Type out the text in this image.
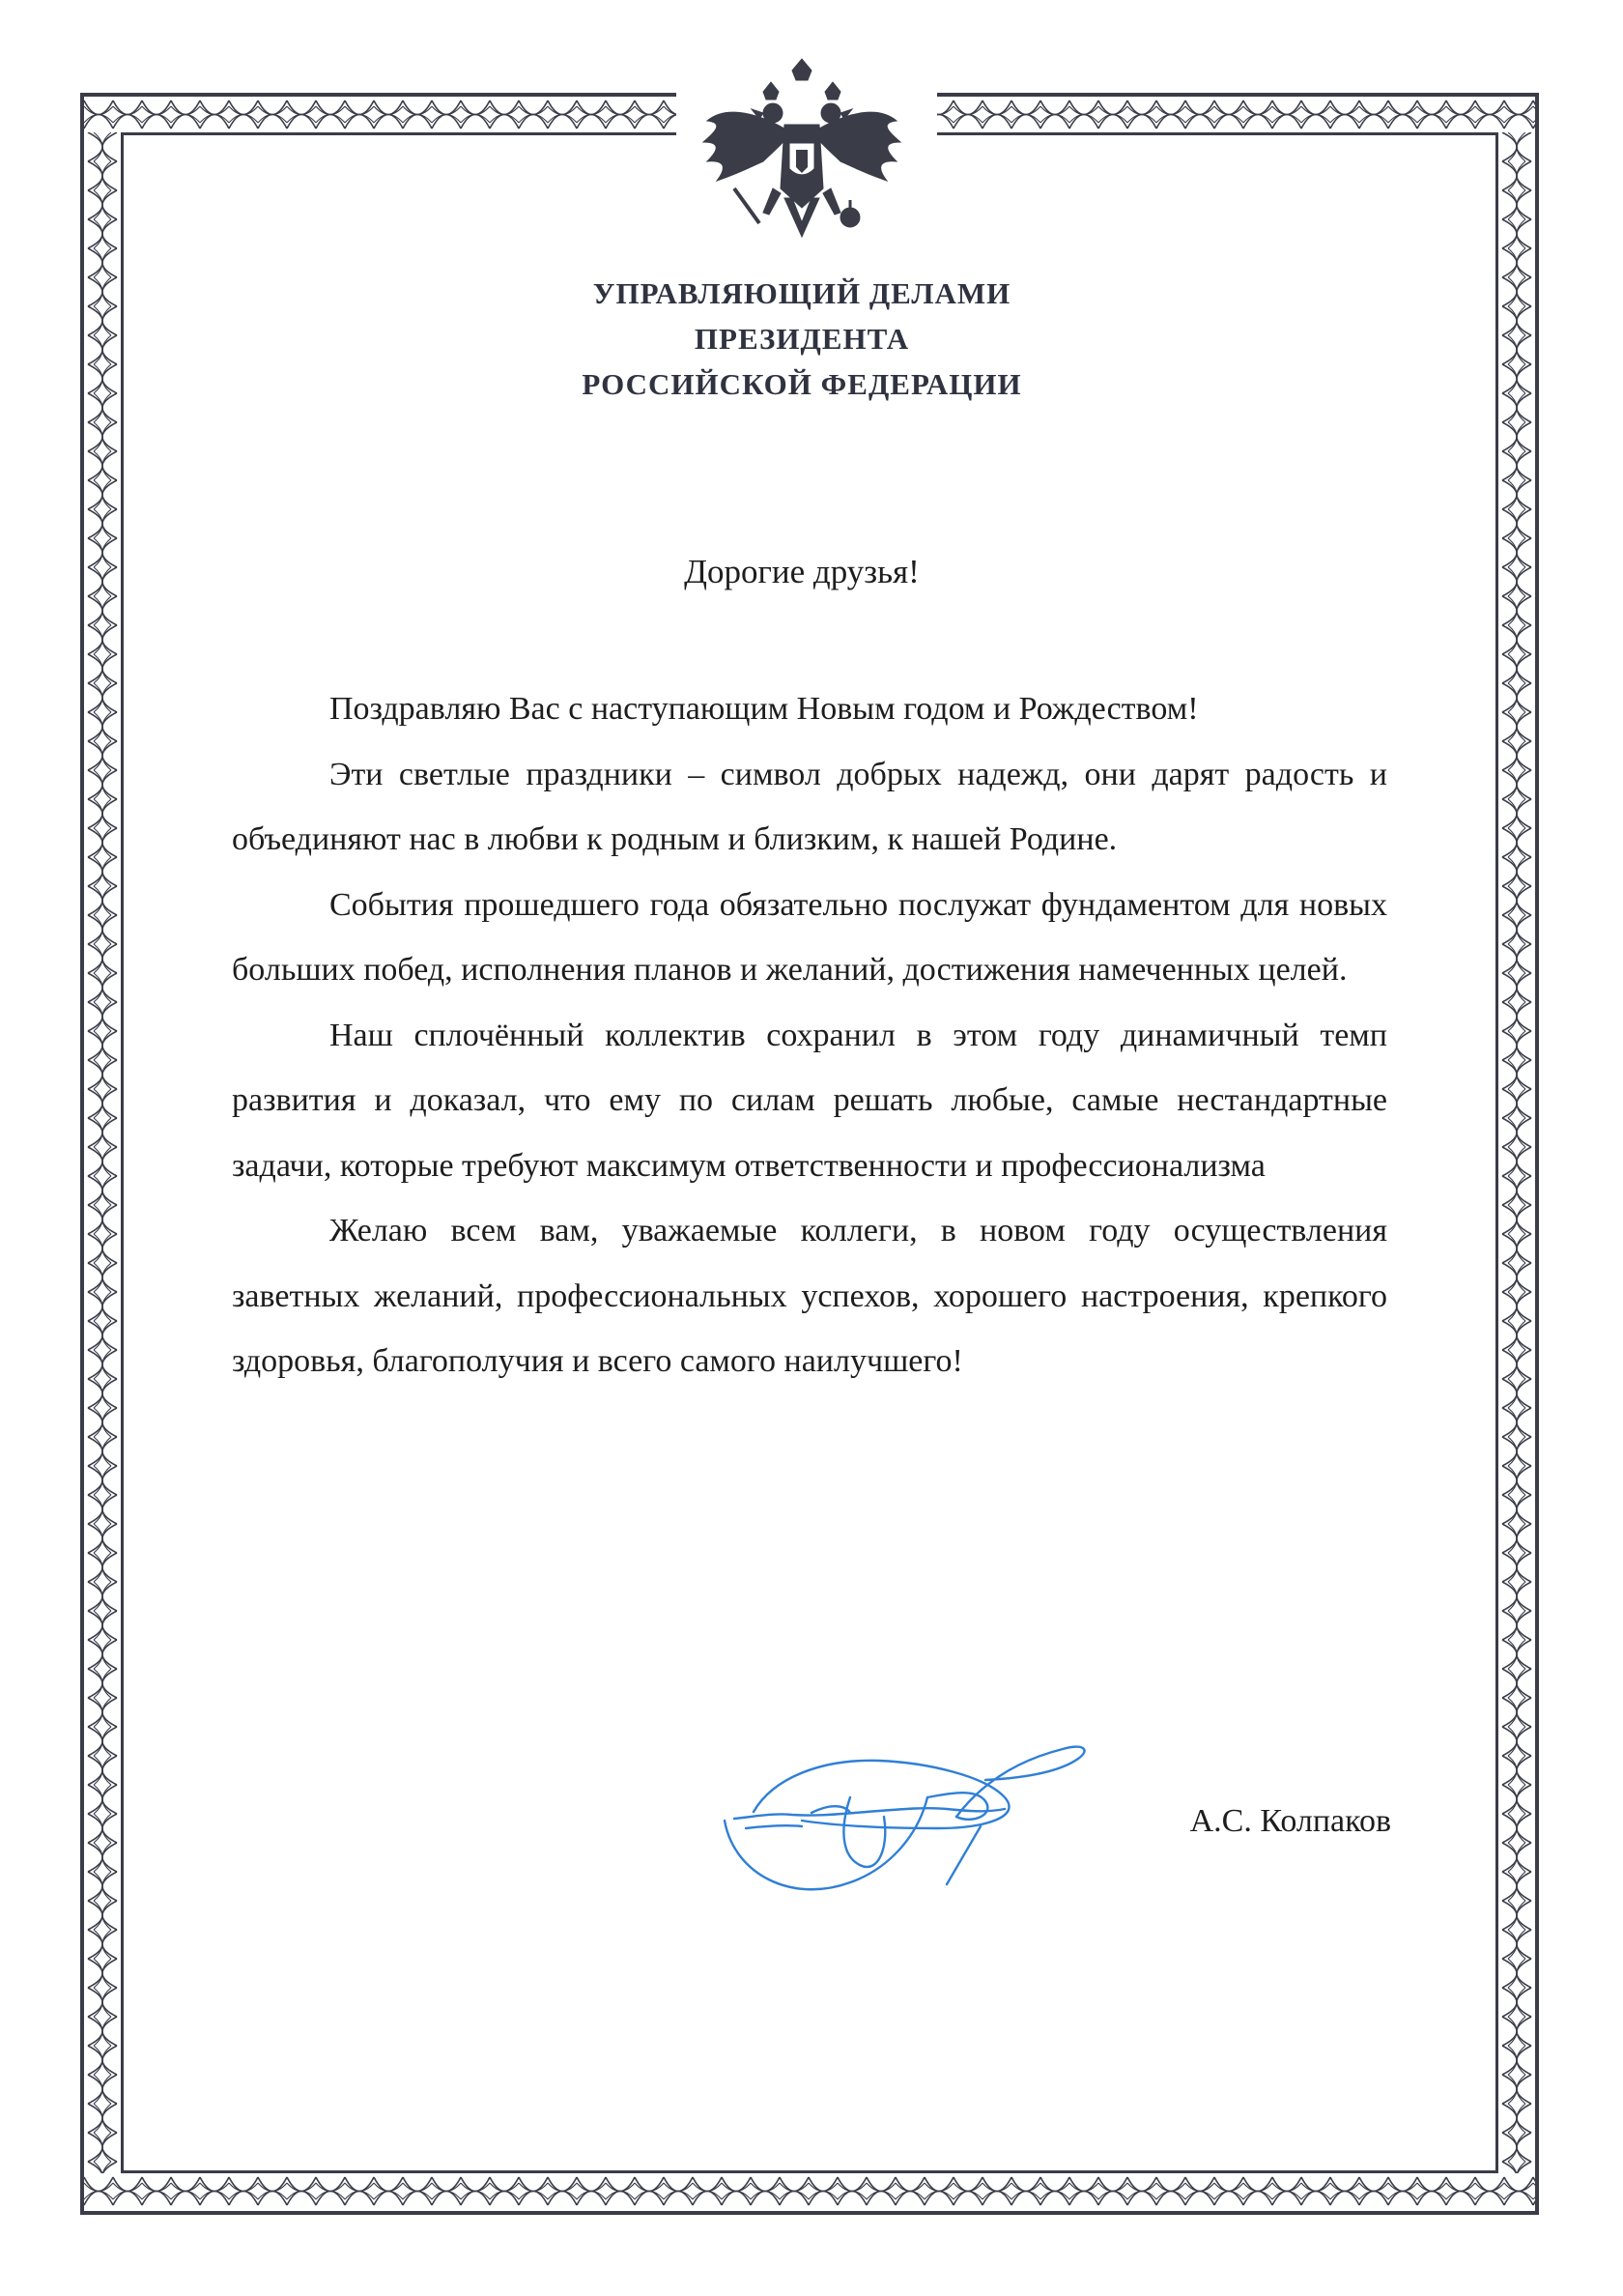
УПРАВЛЯЮЩИЙ ДЕЛАМИ
ПРЕЗИДЕНТА
РОССИЙСКОЙ ФЕДЕРАЦИИ
Дорогие друзья!

Поздравляю Вас с наступающим Новым годом и Рождеством!

Эти светлые праздники – символ добрых надежд, они дарят радость и объединяют нас в любви к родным и близким, к нашей Родине.

События прошедшего года обязательно послужат фундаментом для новых больших побед, исполнения планов и желаний, достижения намеченных целей.

Наш сплочённый коллектив сохранил в этом году динамичный темп развития и доказал, что ему по силам решать любые, самые нестандартные задачи, которые требуют максимум ответственности и профессионализма

Желаю всем вам, уважаемые коллеги, в новом году осуществления заветных желаний, профессиональных успехов, хорошего настроения, крепкого здоровья, благополучия и всего самого наилучшего!

А.С. Колпаков
